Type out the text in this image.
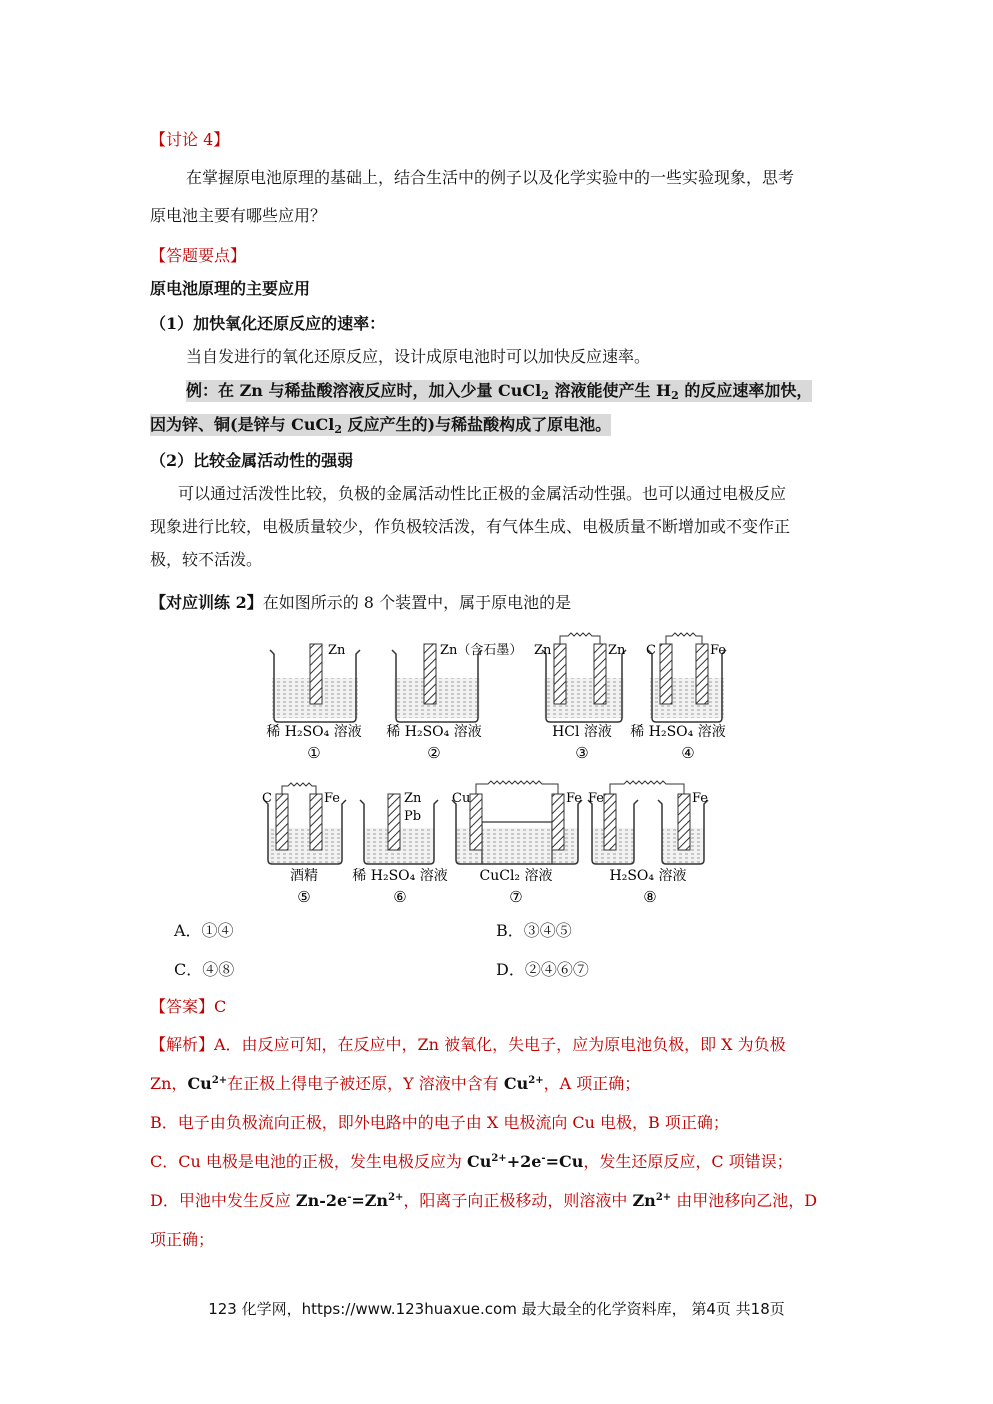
【讨论 4】
在掌握原电池原理的基础上，结合生活中的例子以及化学实验中的一些实验现象，思考
原电池主要有哪些应用？
【答题要点】
原电池原理的主要应用
（1）加快氧化还原反应的速率：
当自发进行的氧化还原反应，设计成原电池时可以加快反应速率。
例：在 Zn 与稀盐酸溶液反应时，加入少量 CuCl$_2$ 溶液能使产生 $H_2$ 的反应速率加快，
因为锌、铜(是锌与 CuCl$_2$ 反应产生的)与稀盐酸构成了原电池。
（2）比较金属活动性的强弱
可以通过活泼性比较，负极的金属活动性比正极的金属活动性强。也可以通过电极反应
现象进行比较，电极质量较少，作负极较活泼，有气体生成、电极质量不断增加或不变作正
极，较不活泼。
【对应训练 2】在如图所示的 8 个装置中，属于原电池的是
Zn
稀 H₂SO₄ 溶液
①
Zn（含石墨）
稀 H₂SO₄ 溶液
②
Zn	Zn
HCl 溶液
③
C	Fe
稀 H₂SO₄ 溶液
④
C	Fe
酒精
⑤
Zn
Pb
稀 H₂SO₄ 溶液
⑥
Cu	Fe
CuCl₂ 溶液
⑦
Fe	Fe
H₂SO₄ 溶液
⑧
A．①④	B．③④⑤
C．④⑧	D．②④⑥⑦
【答案】C
【解析】A．由反应可知，在反应中，Zn 被氧化，失电子，应为原电池负极，即 X 为负极
Zn，$Cu^{2+}$在正极上得电子被还原，Y 溶液中含有 $Cu^{2+}$，A 项正确；
B．电子由负极流向正极，即外电路中的电子由 X 电极流向 Cu 电极，B 项正确；
C．Cu 电极是电池的正极，发生电极反应为 $Cu^{2+}+2e^-=Cu$，发生还原反应，C 项错误；
D．甲池中发生反应 $Zn-2e^-=Zn^{2+}$，阳离子向正极移动，则溶液中 $Zn^{2+}$ 由甲池移向乙池，D
项正确；
123 化学网，https://www.123huaxue.com 最大最全的化学资料库， 第4页 共18页
